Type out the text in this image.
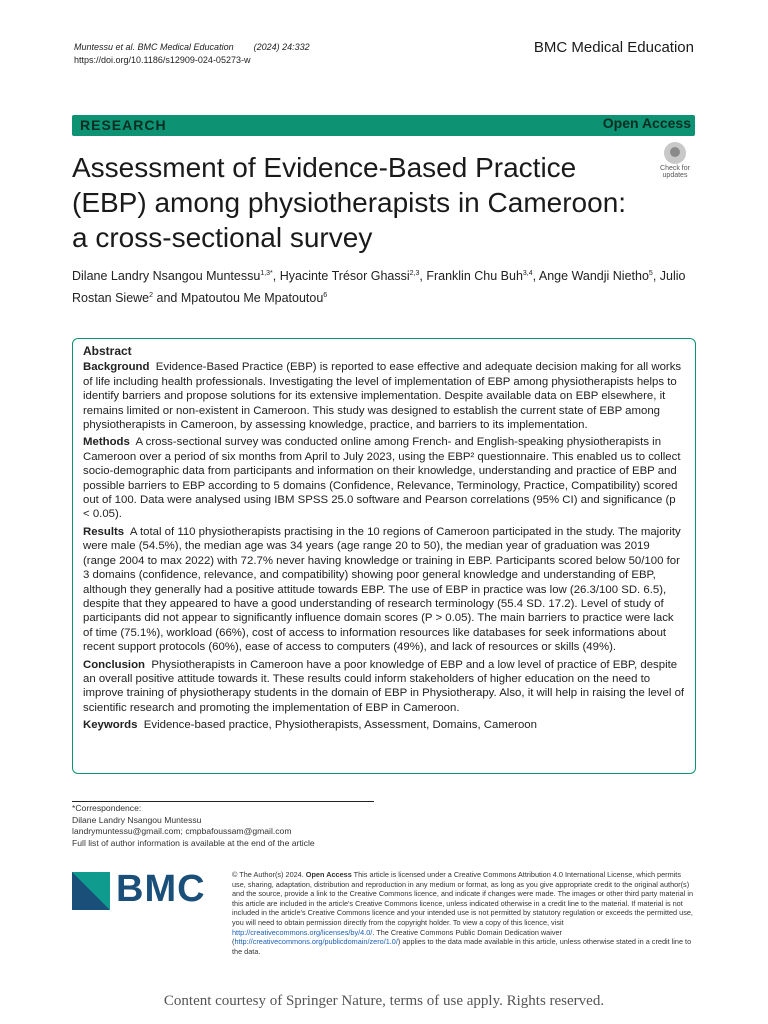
Muntessu et al. BMC Medical Education (2024) 24:332
https://doi.org/10.1186/s12909-024-05273-w
BMC Medical Education
RESEARCH	Open Access
Assessment of Evidence-Based Practice (EBP) among physiotherapists in Cameroon: a cross-sectional survey
Check for updates
Dilane Landry Nsangou Muntessu$^{1,3*}$, Hyacinte Trésor Ghassi$^{2,3}$, Franklin Chu Buh$^{3,4}$, Ange Wandji Nietho$^5$, Julio Rostan Siewe$^2$ and Mpatoutou Me Mpatoutou$^6$
Abstract

Background Evidence-Based Practice (EBP) is reported to ease effective and adequate decision making for all works of life including health professionals. Investigating the level of implementation of EBP among physiotherapists helps to identify barriers and propose solutions for its extensive implementation. Despite available data on EBP elsewhere, it remains limited or non-existent in Cameroon. This study was designed to establish the current state of EBP among physiotherapists in Cameroon, by assessing knowledge, practice, and barriers to its implementation.

Methods A cross-sectional survey was conducted online among French- and English-speaking physiotherapists in Cameroon over a period of six months from April to July 2023, using the EBP² questionnaire. This enabled us to collect socio-demographic data from participants and information on their knowledge, understanding and practice of EBP and possible barriers to EBP according to 5 domains (Confidence, Relevance, Terminology, Practice, Compatibility) scored out of 100. Data were analysed using IBM SPSS 25.0 software and Pearson correlations (95% CI) and significance (p < 0.05).

Results A total of 110 physiotherapists practising in the 10 regions of Cameroon participated in the study. The majority were male (54.5%), the median age was 34 years (age range 20 to 50), the median year of graduation was 2019 (range 2004 to max 2022) with 72.7% never having knowledge or training in EBP. Participants scored below 50/100 for 3 domains (confidence, relevance, and compatibility) showing poor general knowledge and understanding of EBP, although they generally had a positive attitude towards EBP. The use of EBP in practice was low (26.3/100 SD. 6.5), despite that they appeared to have a good understanding of research terminology (55.4 SD. 17.2). Level of study of participants did not appear to significantly influence domain scores (P > 0.05). The main barriers to practice were lack of time (75.1%), workload (66%), cost of access to information resources like databases for seek informations about recent support protocols (60%), ease of access to computers (49%), and lack of resources or skills (49%).

Conclusion Physiotherapists in Cameroon have a poor knowledge of EBP and a low level of practice of EBP, despite an overall positive attitude towards it. These results could inform stakeholders of higher education on the need to improve training of physiotherapy students in the domain of EBP in Physiotherapy. Also, it will help in raising the level of scientific research and promoting the implementation of EBP in Cameroon.

Keywords Evidence-based practice, Physiotherapists, Assessment, Domains, Cameroon

*Correspondence:
Dilane Landry Nsangou Muntessu
landrymuntessu@gmail.com; cmpbafoussam@gmail.com
Full list of author information is available at the end of the article
BMC	© The Author(s) 2024. Open Access This article is licensed under a Creative Commons Attribution 4.0 International License, which permits use, sharing, adaptation, distribution and reproduction in any medium or format, as long as you give appropriate credit to the original author(s) and the source, provide a link to the Creative Commons licence, and indicate if changes were made. The images or other third party material in this article are included in the article's Creative Commons licence, unless indicated otherwise in a credit line to the material. If material is not included in the article's Creative Commons licence and your intended use is not permitted by statutory regulation or exceeds the permitted use, you will need to obtain permission directly from the copyright holder. To view a copy of this licence, visit http://creativecommons.org/licenses/by/4.0/. The Creative Commons Public Domain Dedication waiver (http://creativecommons.org/publicdomain/zero/1.0/) applies to the data made available in this article, unless otherwise stated in a credit line to the data.
Content courtesy of Springer Nature, terms of use apply. Rights reserved.
